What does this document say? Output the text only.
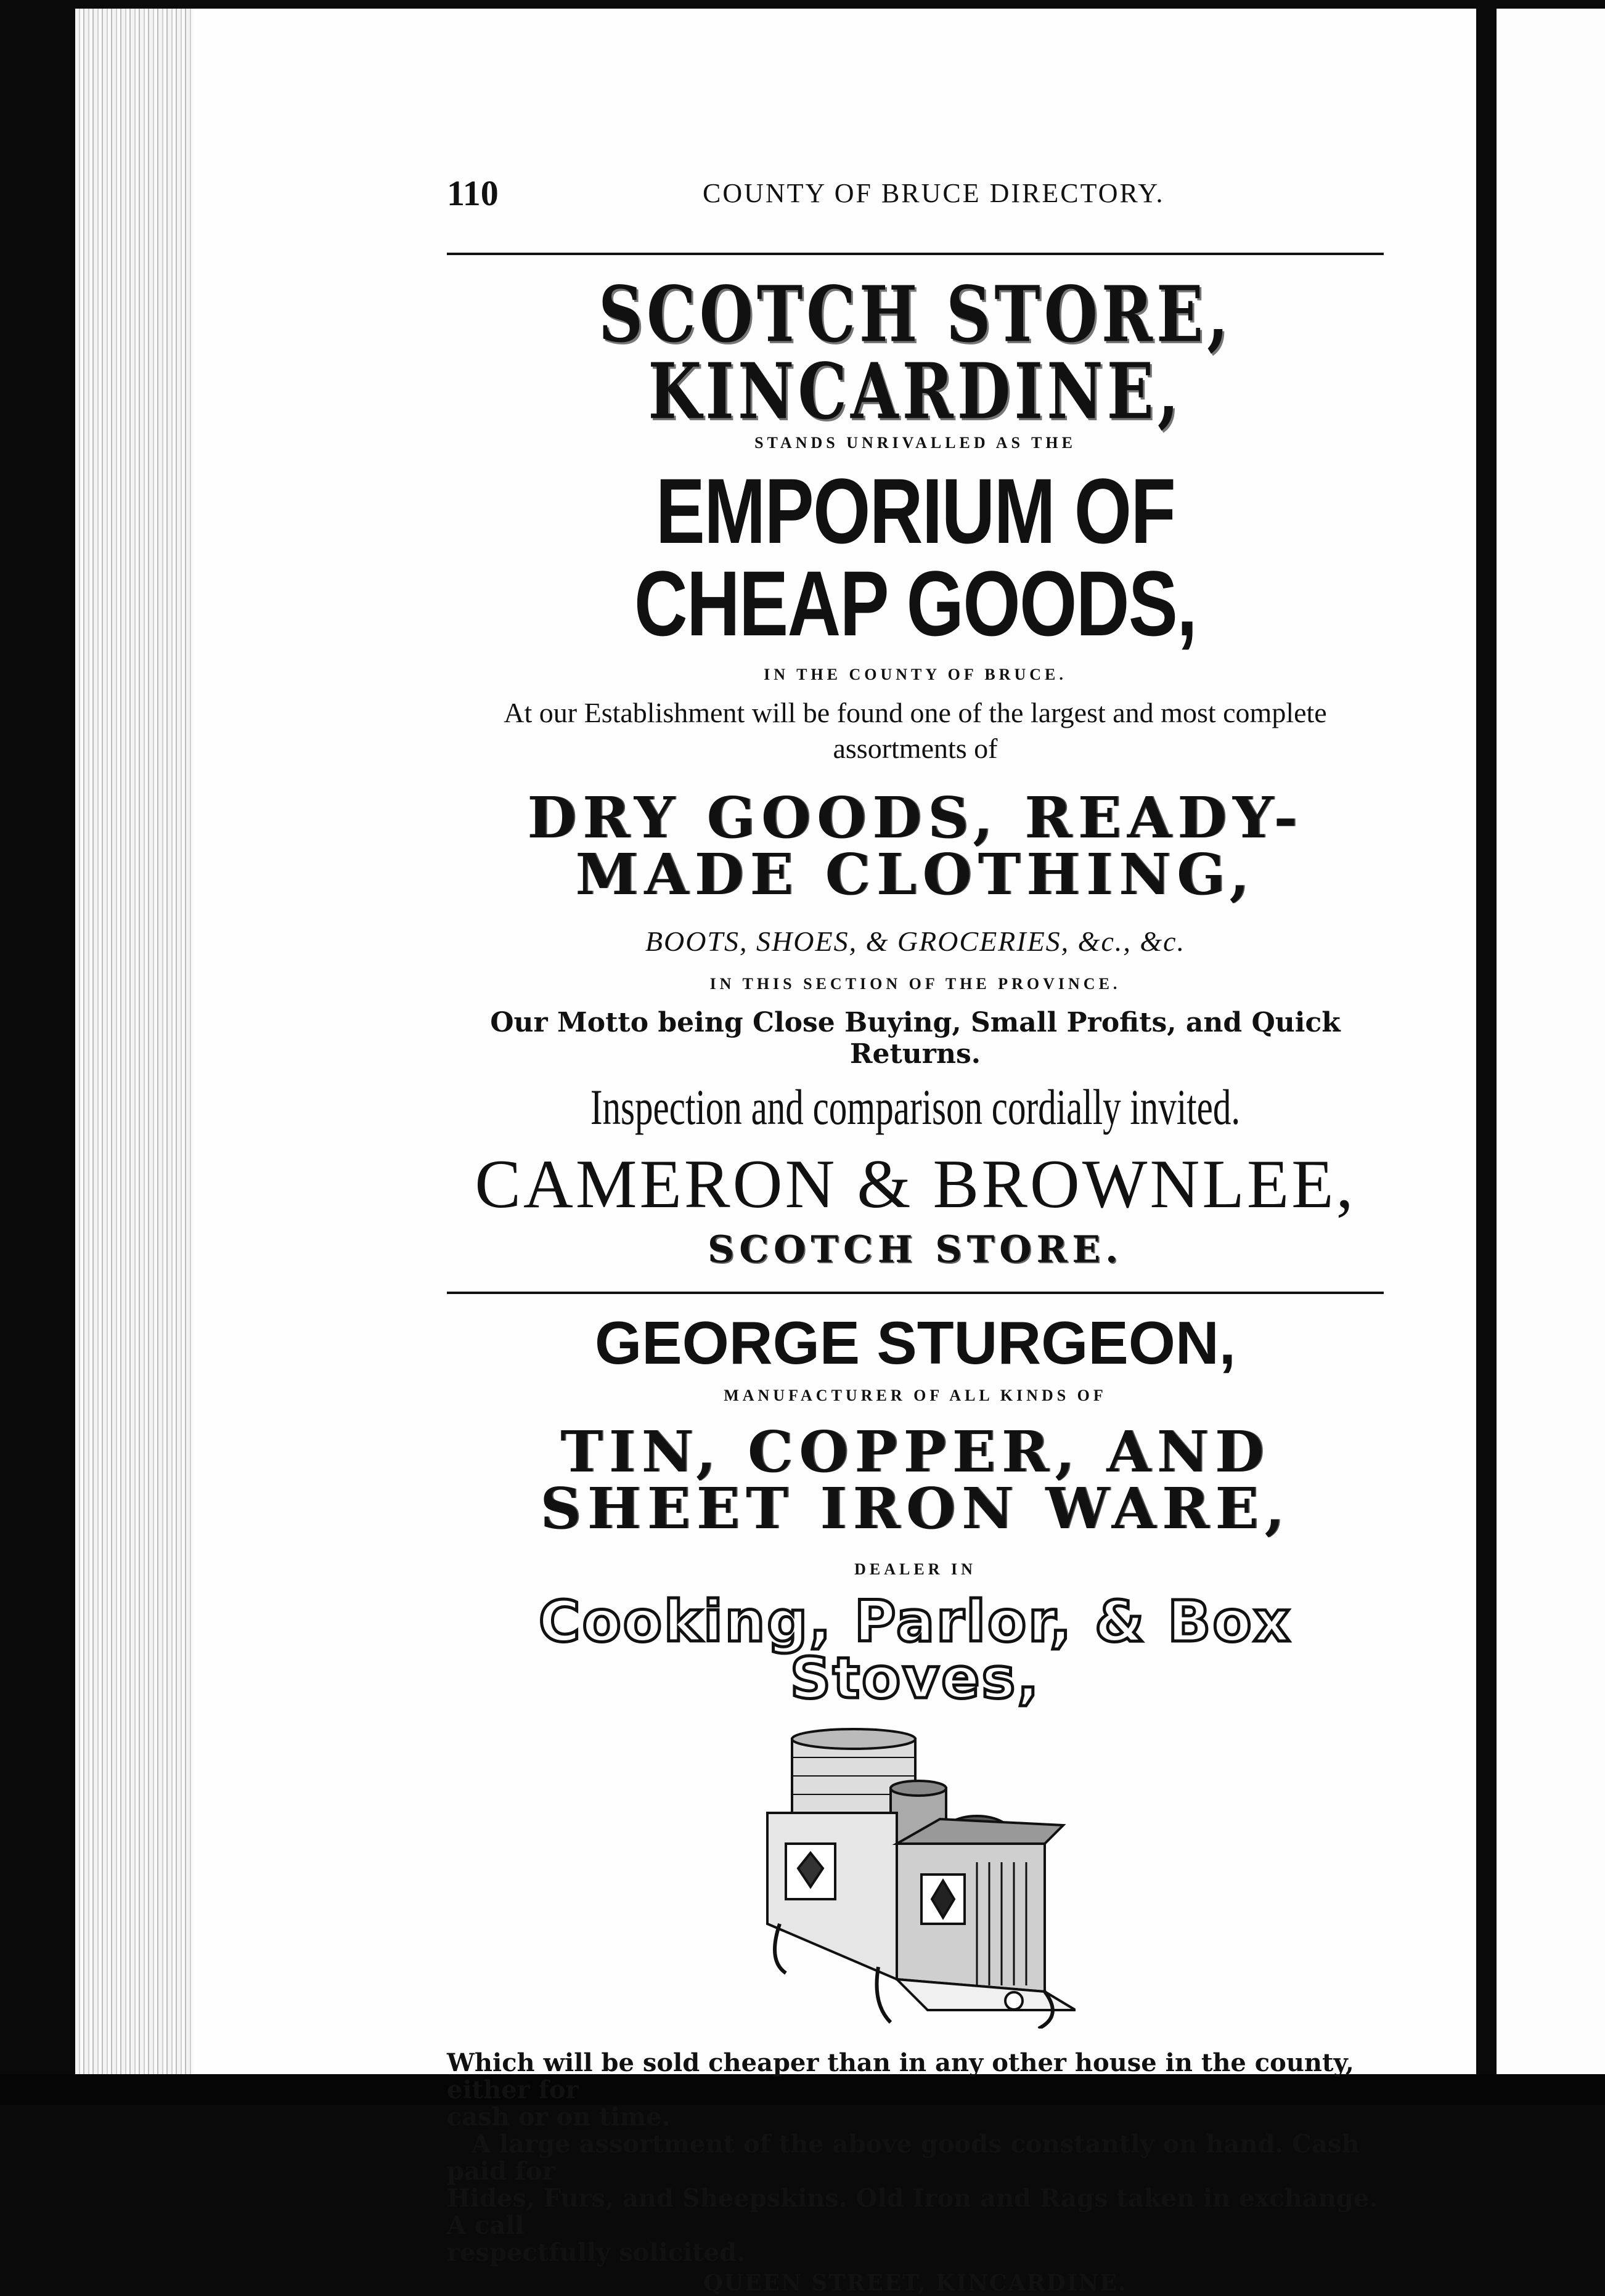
110	COUNTY OF BRUCE DIRECTORY.
SCOTCH STORE, KINCARDINE,
STANDS UNRIVALLED AS THE
EMPORIUM OF CHEAP GOODS,
IN THE COUNTY OF BRUCE.
At our Establishment will be found one of the largest and most complete
assortments of
DRY GOODS, READY-MADE CLOTHING,
BOOTS, SHOES, & GROCERIES, &c., &c.
IN THIS SECTION OF THE PROVINCE.
Our Motto being Close Buying, Small Profits, and Quick Returns.
Inspection and comparison cordially invited.
CAMERON & BROWNLEE,
SCOTCH STORE.
GEORGE STURGEON,
MANUFACTURER OF ALL KINDS OF
TIN, COPPER, AND SHEET IRON WARE,
DEALER IN
Cooking, Parlor, & Box Stoves,
Which will be sold cheaper than in any other house in the county, either for
cash or on time.
A large assortment of the above goods constantly on hand. Cash paid for
Hides, Furs, and Sheepskins. Old Iron and Rags taken in exchange. A call
respectfully solicited.
QUEEN STREET, KINCARDINE.
